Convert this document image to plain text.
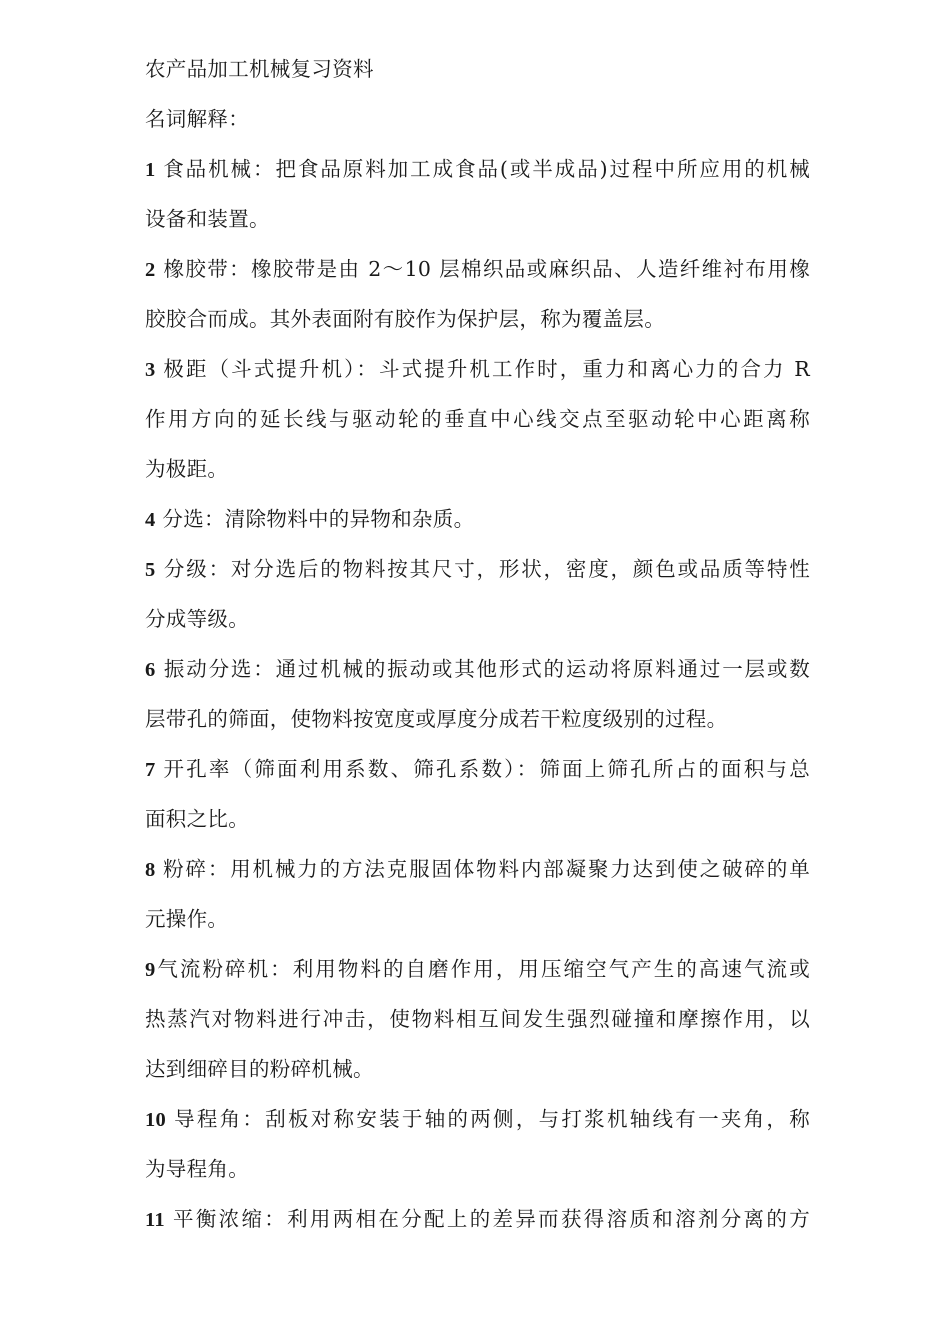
农产品加工机械复习资料
名词解释：
1 食品机械：把食品原料加工成食品(或半成品)过程中所应用的机械
设备和装置。
2 橡胶带：橡胶带是由 2～10 层棉织品或麻织品、人造纤维衬布用橡
胶胶合而成。其外表面附有胶作为保护层，称为覆盖层。
3 极距（斗式提升机）：斗式提升机工作时，重力和离心力的合力 R
作用方向的延长线与驱动轮的垂直中心线交点至驱动轮中心距离称
为极距。
4 分选：清除物料中的异物和杂质。
5 分级：对分选后的物料按其尺寸，形状，密度，颜色或品质等特性
分成等级。
6 振动分选：通过机械的振动或其他形式的运动将原料通过一层或数
层带孔的筛面，使物料按宽度或厚度分成若干粒度级别的过程。
7 开孔率（筛面利用系数、筛孔系数）：筛面上筛孔所占的面积与总
面积之比。
8 粉碎：用机械力的方法克服固体物料内部凝聚力达到使之破碎的单
元操作。
9气流粉碎机：利用物料的自磨作用，用压缩空气产生的高速气流或
热蒸汽对物料进行冲击，使物料相互间发生强烈碰撞和摩擦作用，以
达到细碎目的粉碎机械。
10 导程角：刮板对称安装于轴的两侧，与打浆机轴线有一夹角，称
为导程角。
11 平衡浓缩：利用两相在分配上的差异而获得溶质和溶剂分离的方
